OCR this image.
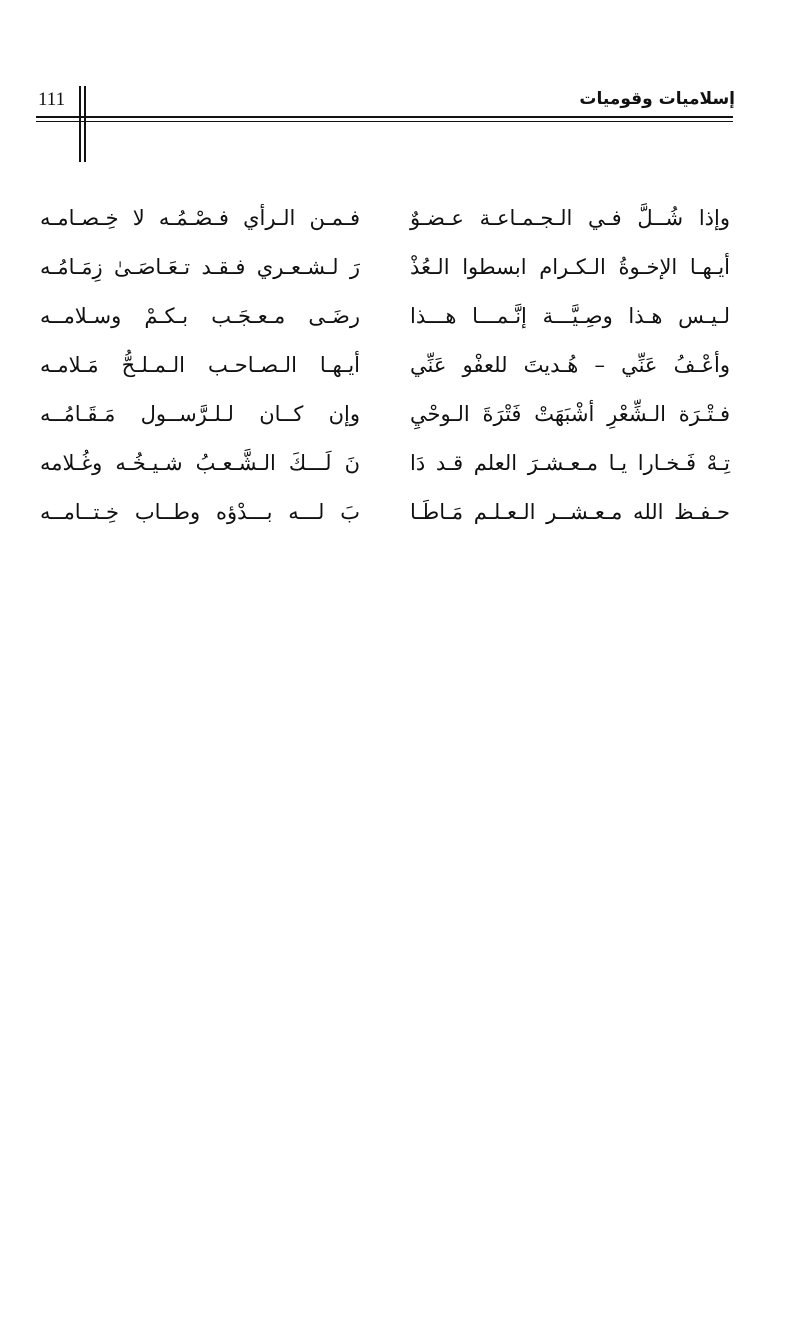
111	إسلاميات وقوميات
وإذا شُــلَّ فـي الـجـمـاعـة عـضـوٌ
فـمـن الـرأي فـصْـمُـه لا خِـصـامـه
أيـهـا الإخـوةُ الـكـرام ابسطوا الـعُذْ
رَ لـشـعـري فـقـد تـعَـاصَـىٰ زِمَـامُـه
لـيـس هـذا وصِـيَّـــة إنَّـمـــا هـــذا
رضَـى مـعـجَـب بـكـمْ وسـلامــه
وأعْـفُ عَنِّي – هُـديتَ للعفْو عَنِّي
أيـهـا الـصـاحـب الـمـلـحُّ مَـلامـه
فـتْـرَة الـشِّعْرِ أشْبَهَتْ فَتْرَةَ الـوحْيِ
وإن كــان لـلـرَّســول مَـقَـامُــه
تِـهْ فَـخـارا يـا مـعـشـرَ العلم قـد دَا
نَ لَـــكَ الـشَّـعـبُ شـيـخُـه وغُـلامه
حـفـظ الله مـعـشــر الـعـلـم مَـاطَـا
بَ لـــه بـــدْؤه وطــاب خِـتــامــه
